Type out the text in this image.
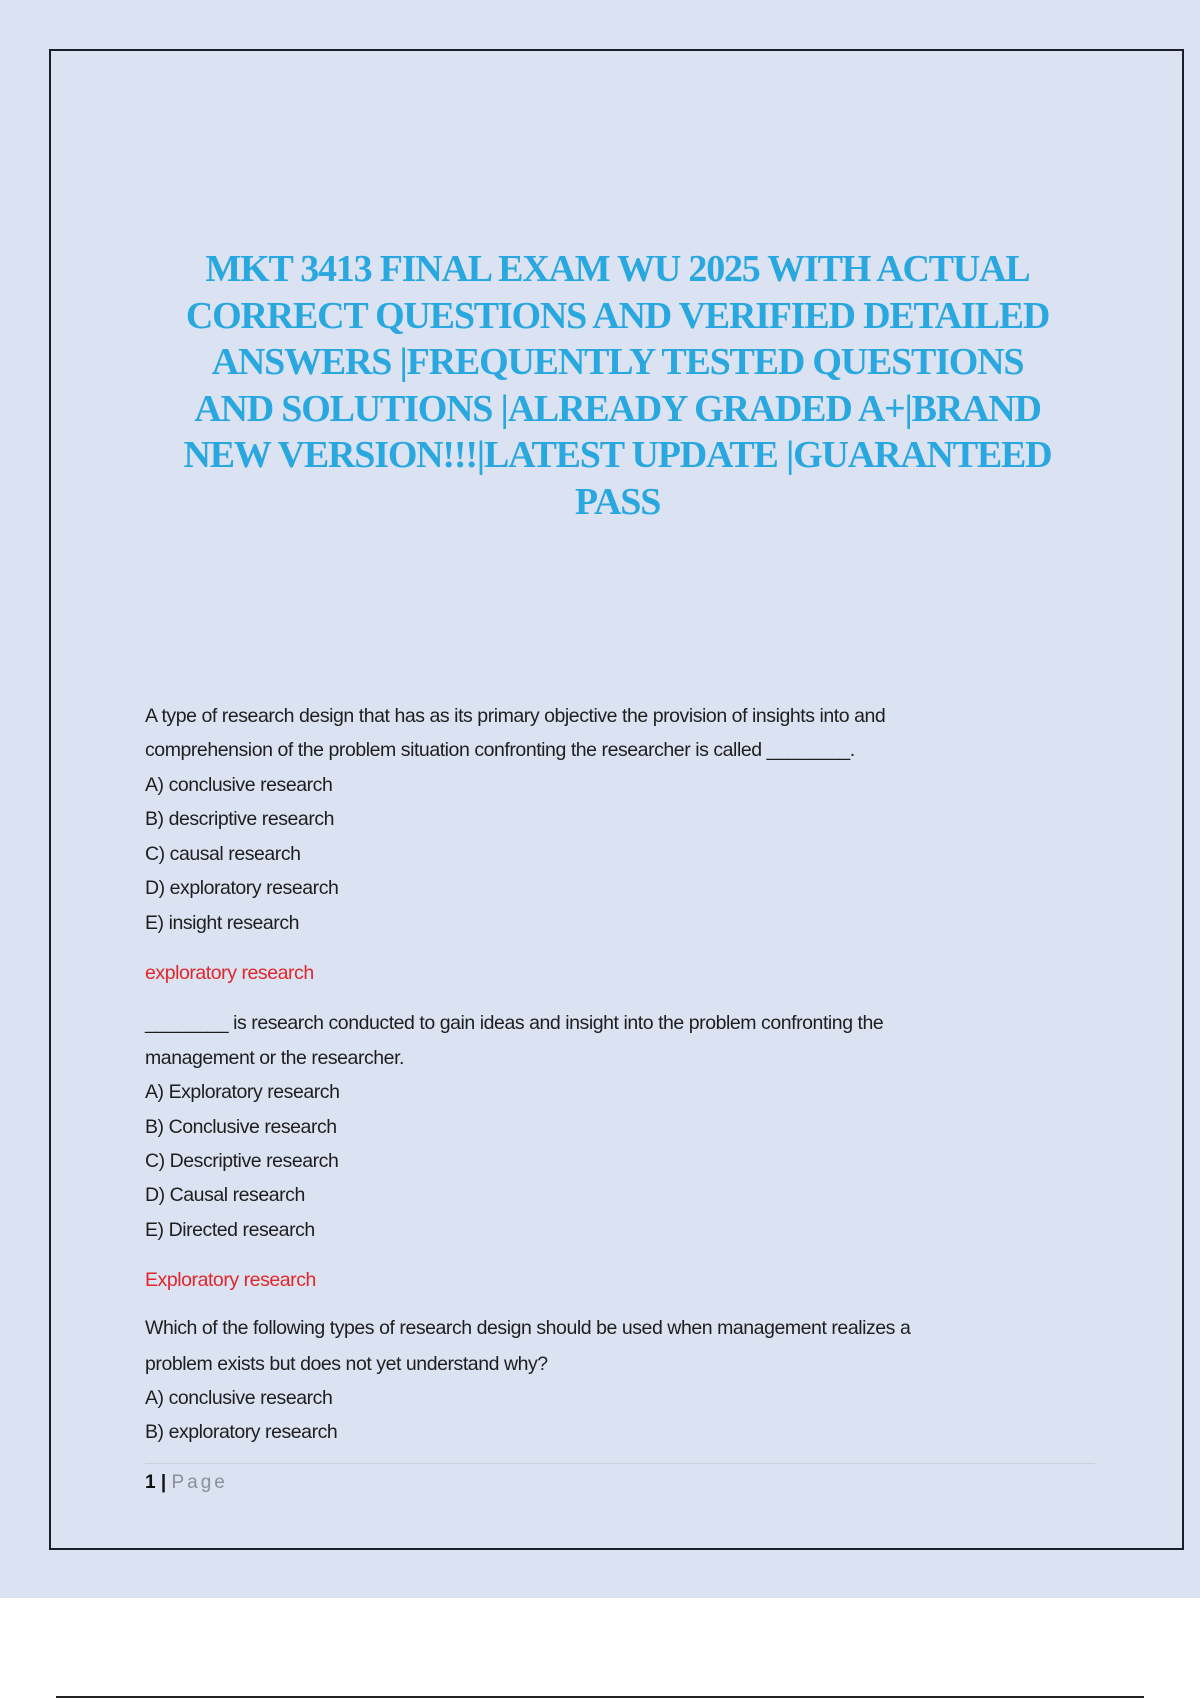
MKT 3413 FINAL EXAM WU 2025 WITH ACTUAL
CORRECT QUESTIONS AND VERIFIED DETAILED
ANSWERS |FREQUENTLY TESTED QUESTIONS
AND SOLUTIONS |ALREADY GRADED A+|BRAND
NEW VERSION!!!|LATEST UPDATE |GUARANTEED
PASS
A type of research design that has as its primary objective the provision of insights into and
comprehension of the problem situation confronting the researcher is called ________.
A) conclusive research
B) descriptive research
C) causal research
D) exploratory research
E) insight research
exploratory research
________ is research conducted to gain ideas and insight into the problem confronting the
management or the researcher.
A) Exploratory research
B) Conclusive research
C) Descriptive research
D) Causal research
E) Directed research
Exploratory research
Which of the following types of research design should be used when management realizes a
problem exists but does not yet understand why?
A) conclusive research
B) exploratory research
1 | Page
